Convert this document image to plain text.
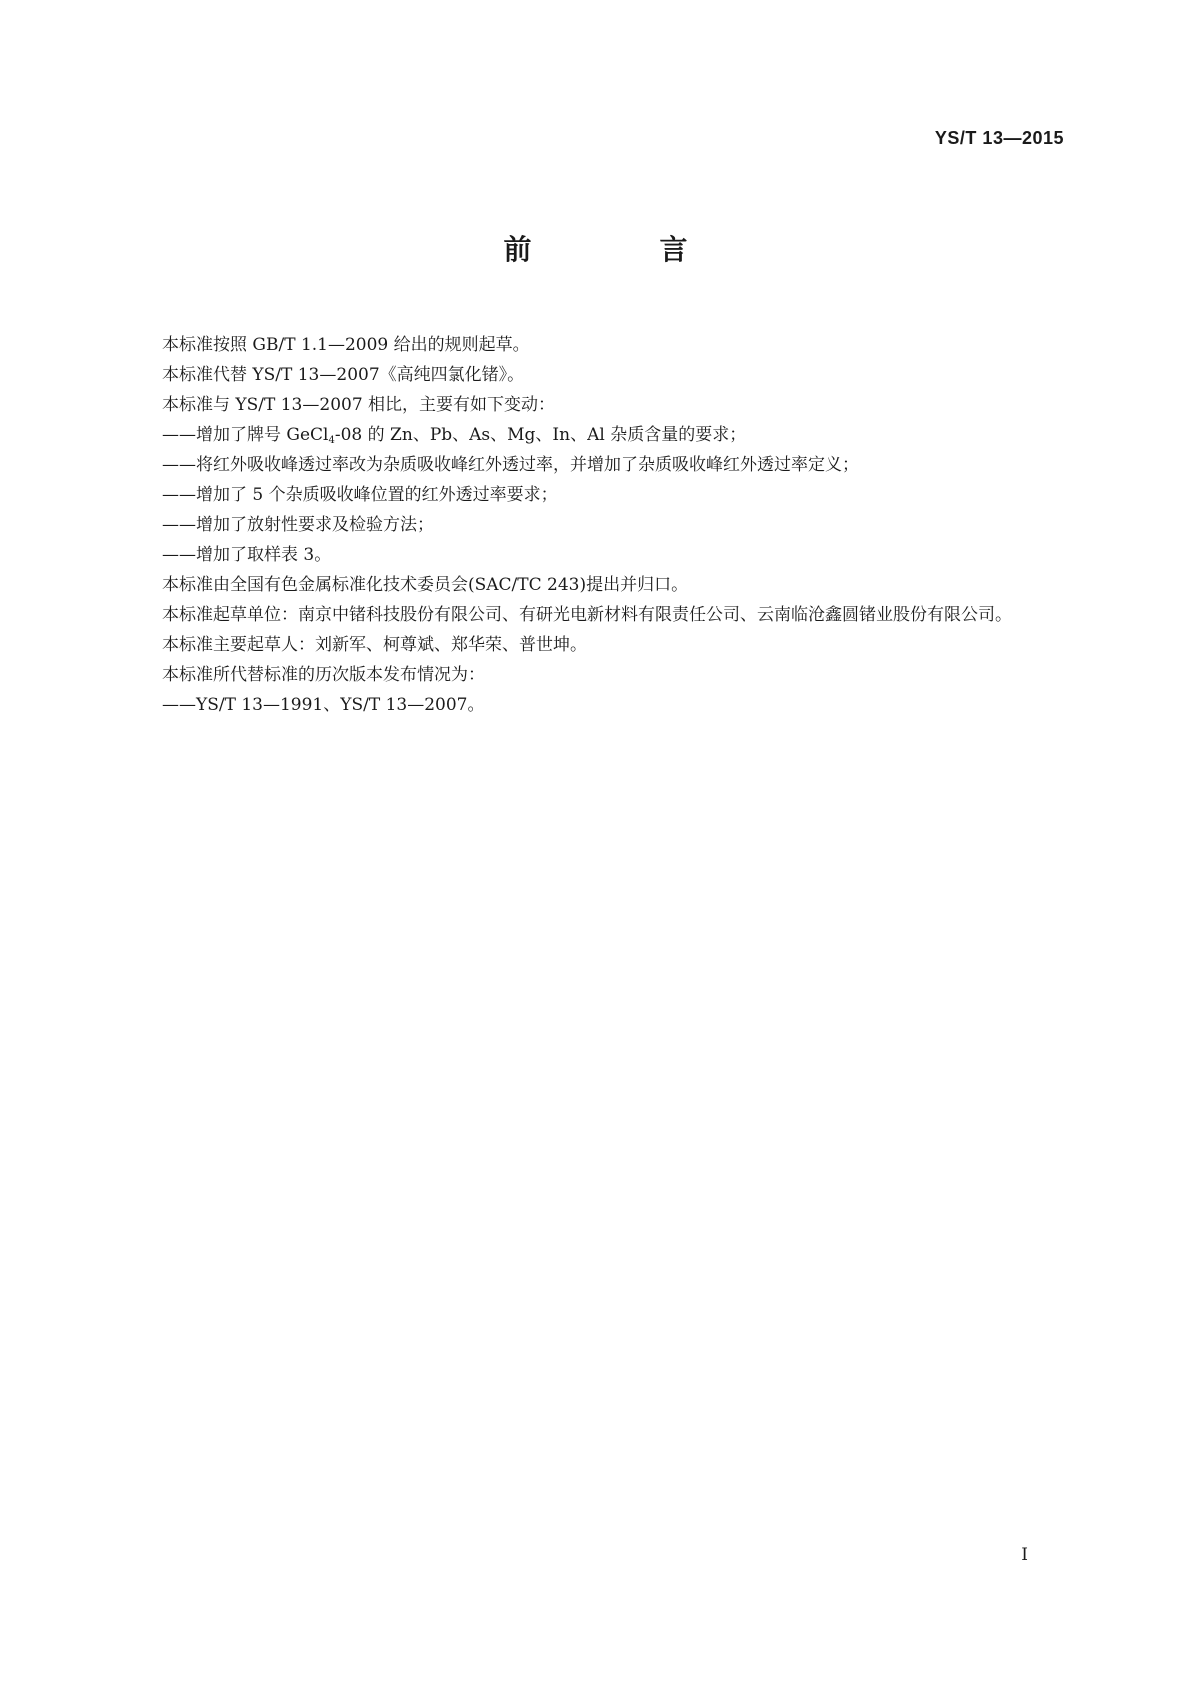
YS/T 13—2015
前　言

本标准按照 GB/T 1.1—2009 给出的规则起草。

本标准代替 YS/T 13—2007《高纯四氯化锗》。

本标准与 YS/T 13—2007 相比，主要有如下变动：

——增加了牌号 GeCl$_4$-08 的 Zn、Pb、As、Mg、In、Al 杂质含量的要求；

——将红外吸收峰透过率改为杂质吸收峰红外透过率，并增加了杂质吸收峰红外透过率定义；

——增加了 5 个杂质吸收峰位置的红外透过率要求；

——增加了放射性要求及检验方法；

——增加了取样表 3。

本标准由全国有色金属标准化技术委员会(SAC/TC 243)提出并归口。

本标准起草单位：南京中锗科技股份有限公司、有研光电新材料有限责任公司、云南临沧鑫圆锗业股份有限公司。

本标准主要起草人：刘新军、柯尊斌、郑华荣、普世坤。

本标准所代替标准的历次版本发布情况为：

——YS/T 13—1991、YS/T 13—2007。

I
